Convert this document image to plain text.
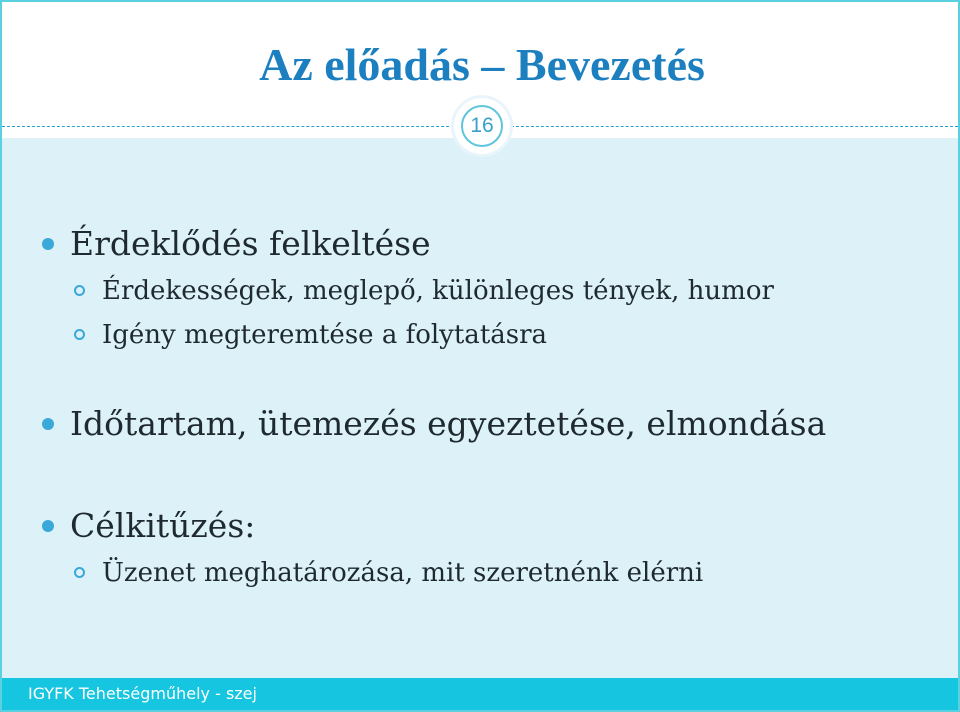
Az előadás – Bevezetés
Érdeklődés felkeltése
Érdekességek, meglepő, különleges tények, humor
Igény megteremtése a folytatásra
Időtartam, ütemezés egyeztetése, elmondása
Célkitűzés:
Üzenet meghatározása, mit szeretnénk elérni
16
IGYFK Tehetségműhely - szej
